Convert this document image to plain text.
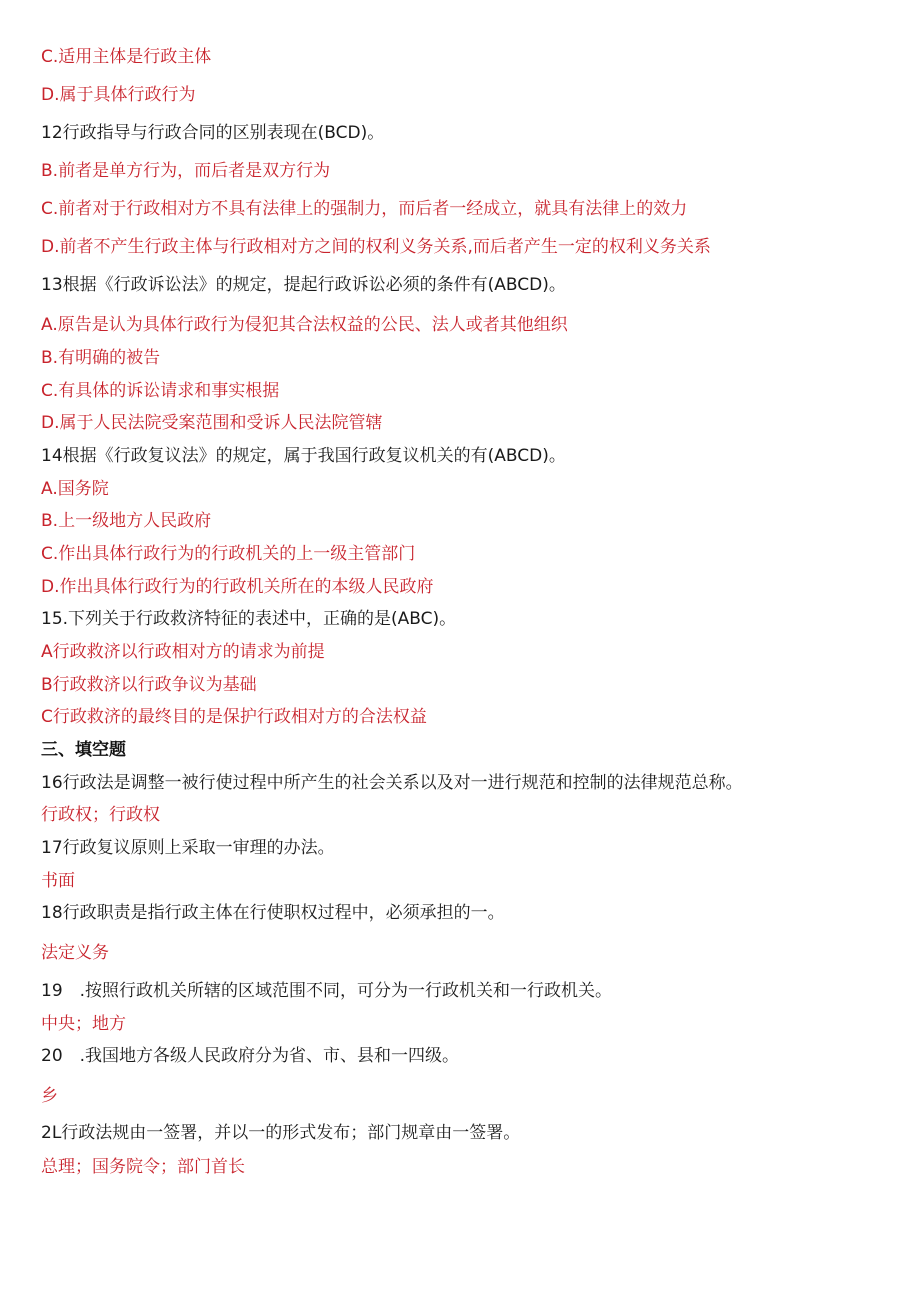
C.适用主体是行政主体
D.属于具体行政行为
12行政指导与行政合同的区别表现在(BCD)。
B.前者是单方行为，而后者是双方行为
C.前者对于行政相对方不具有法律上的强制力，而后者一经成立，就具有法律上的效力
D.前者不产生行政主体与行政相对方之间的权利义务关系,而后者产生一定的权利义务关系
13根据《行政诉讼法》的规定，提起行政诉讼必须的条件有(ABCD)。
A.原告是认为具体行政行为侵犯其合法权益的公民、法人或者其他组织
B.有明确的被告
C.有具体的诉讼请求和事实根据
D.属于人民法院受案范围和受诉人民法院管辖
14根据《行政复议法》的规定，属于我国行政复议机关的有(ABCD)。
A.国务院
B.上一级地方人民政府
C.作出具体行政行为的行政机关的上一级主管部门
D.作出具体行政行为的行政机关所在的本级人民政府
15.下列关于行政救济特征的表述中，正确的是(ABC)。
A行政救济以行政相对方的请求为前提
B行政救济以行政争议为基础
C行政救济的最终目的是保护行政相对方的合法权益
三、填空题
16行政法是调整一被行使过程中所产生的社会关系以及对一进行规范和控制的法律规范总称。
行政权；行政权
17行政复议原则上采取一审理的办法。
书面
18行政职责是指行政主体在行使职权过程中，必须承担的一。
法定义务
19　.按照行政机关所辖的区域范围不同，可分为一行政机关和一行政机关。
中央；地方
20　.我国地方各级人民政府分为省、市、县和一四级。
乡
2L行政法规由一签署，并以一的形式发布；部门规章由一签署。
总理；国务院令；部门首长
